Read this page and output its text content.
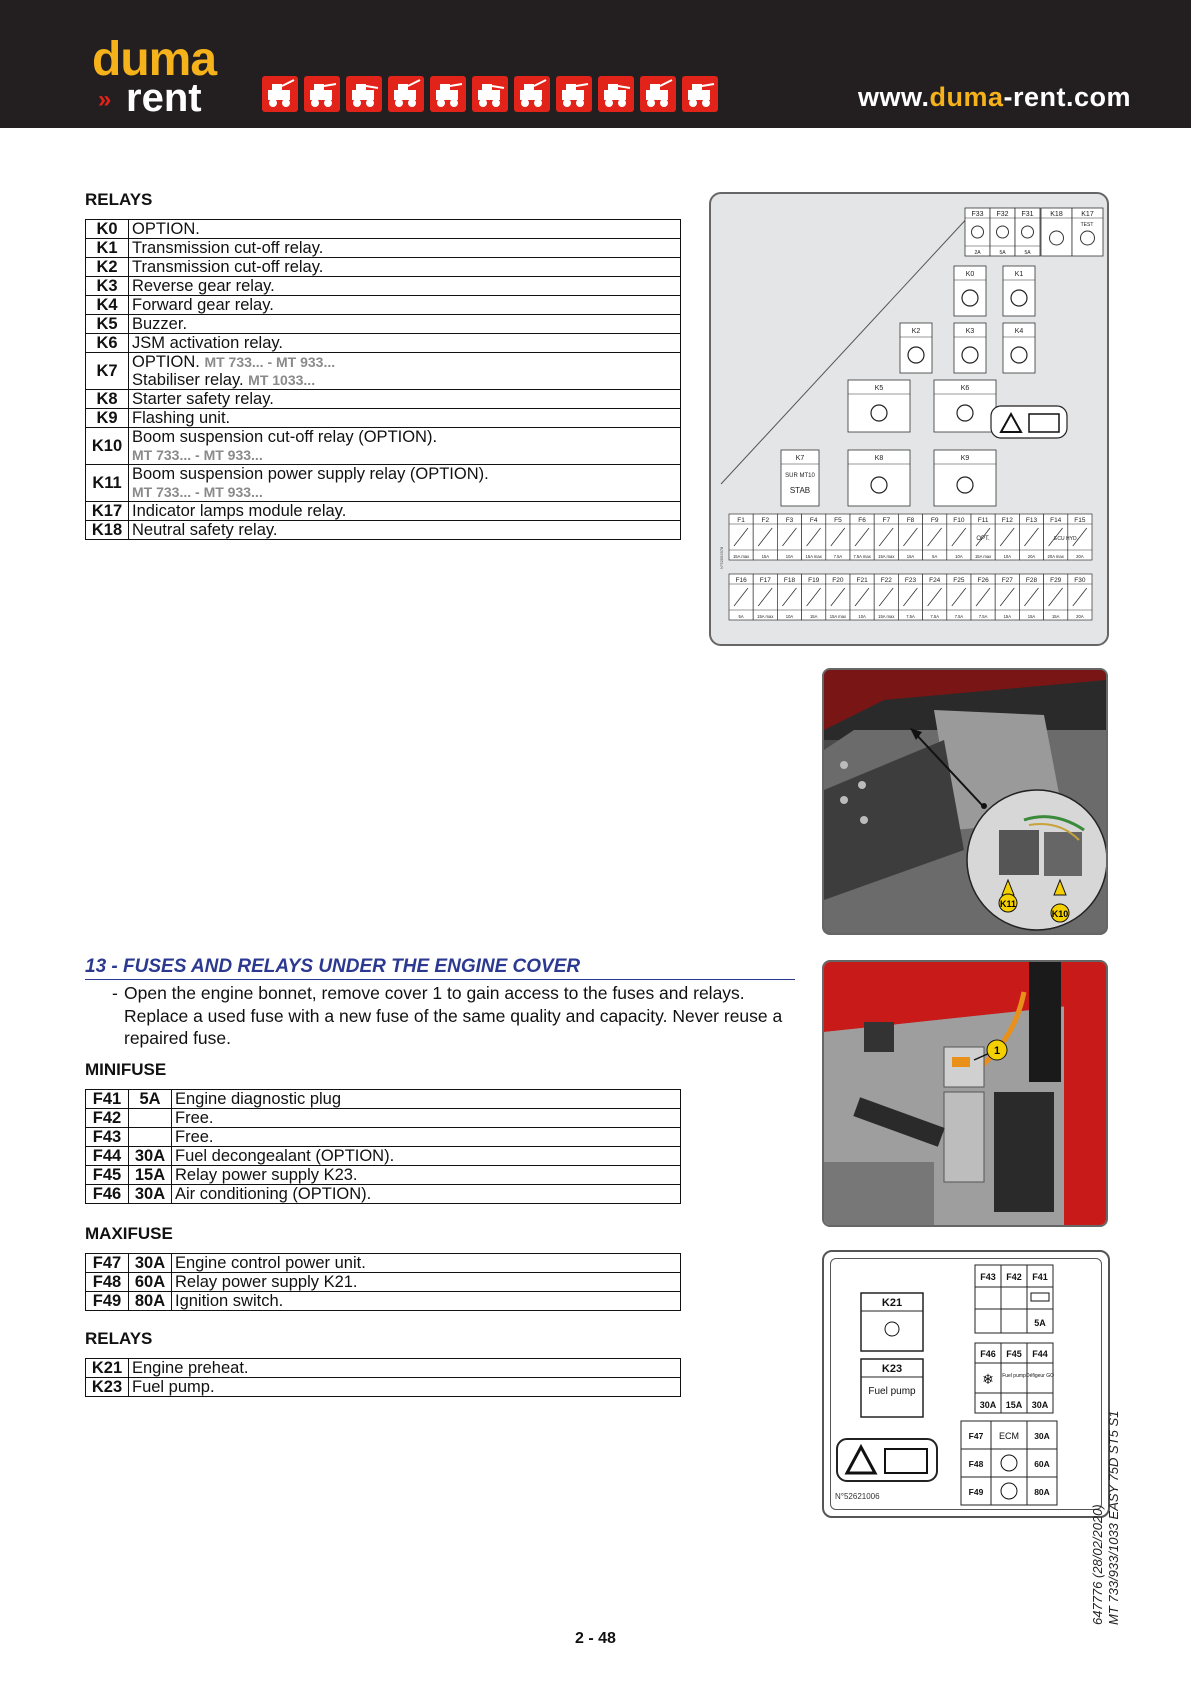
duma
» rent	www.duma-rent.com
RELAYS
K0	OPTION.
K1	Transmission cut-off relay.
K2	Transmission cut-off relay.
K3	Reverse gear relay.
K4	Forward gear relay.
K5	Buzzer.
K6	JSM activation relay.
K7	OPTION. MT 733... - MT 933...
Stabiliser relay. MT 1033...
K8	Starter safety relay.
K9	Flashing unit.
K10	Boom suspension cut-off relay (OPTION).
MT 733... - MT 933...
K11	Boom suspension power supply relay (OPTION).
MT 733... - MT 933...
K17	Indicator lamps module relay.
K18	Neutral safety relay.
F33
2A
F32
5A
F31
5A
K18	K17
TEST
K0	K1
K2	K3	K4
K5	K6
K7	K8	K9
SUR MT10
STAB
F1
15A max
F2
15A
F3
10A
F4
15A max
F5
7.5A
F6
7.5A max
F7
15A max
F8
15A
F9
5A
F10
10A
F11
15A max
F12
10A
F13
20A
F14
20A max
F15
20A
F16
5A
F17
15A max
F18
10A
F19
15A
F20
15A max
F21
10A
F22
15A max
F23
7.5A
F24
7.5A
F25
7.5A
F26
7.5A
F27
15A
F28
15A
F29
15A
F30
20A
OPT.	ECU HYD.
N°52552978
K11
K10
13 - FUSES AND RELAYS UNDER THE ENGINE COVER
- Open the engine bonnet, remove cover 1 to gain access to the fuses and relays. Replace a used fuse with a new fuse of the same quality and capacity. Never reuse a repaired fuse.
1
MINIFUSE
F41	5A	Engine diagnostic plug
F42		Free.
F43		Free.
F44	30A	Fuel decongealant (OPTION).
F45	15A	Relay power supply K23.
F46	30A	Air conditioning (OPTION).
MAXIFUSE
F47	30A	Engine control power unit.
F48	60A	Relay power supply K21.
F49	80A	Ignition switch.
RELAYS
K21	Engine preheat.
K23	Fuel pump.
F43 F42 F41
5A
F46
30A
F45
15A
Fuel pump
F44
30A
Défigeur GO
❄
K21
K23
Fuel pump
F47	30A
ECM
F48	60A
F49	80A
N°52621006
2 - 48
647776 (28/02/2020) MT 733/933/1033 EASY 75D ST5 S1
